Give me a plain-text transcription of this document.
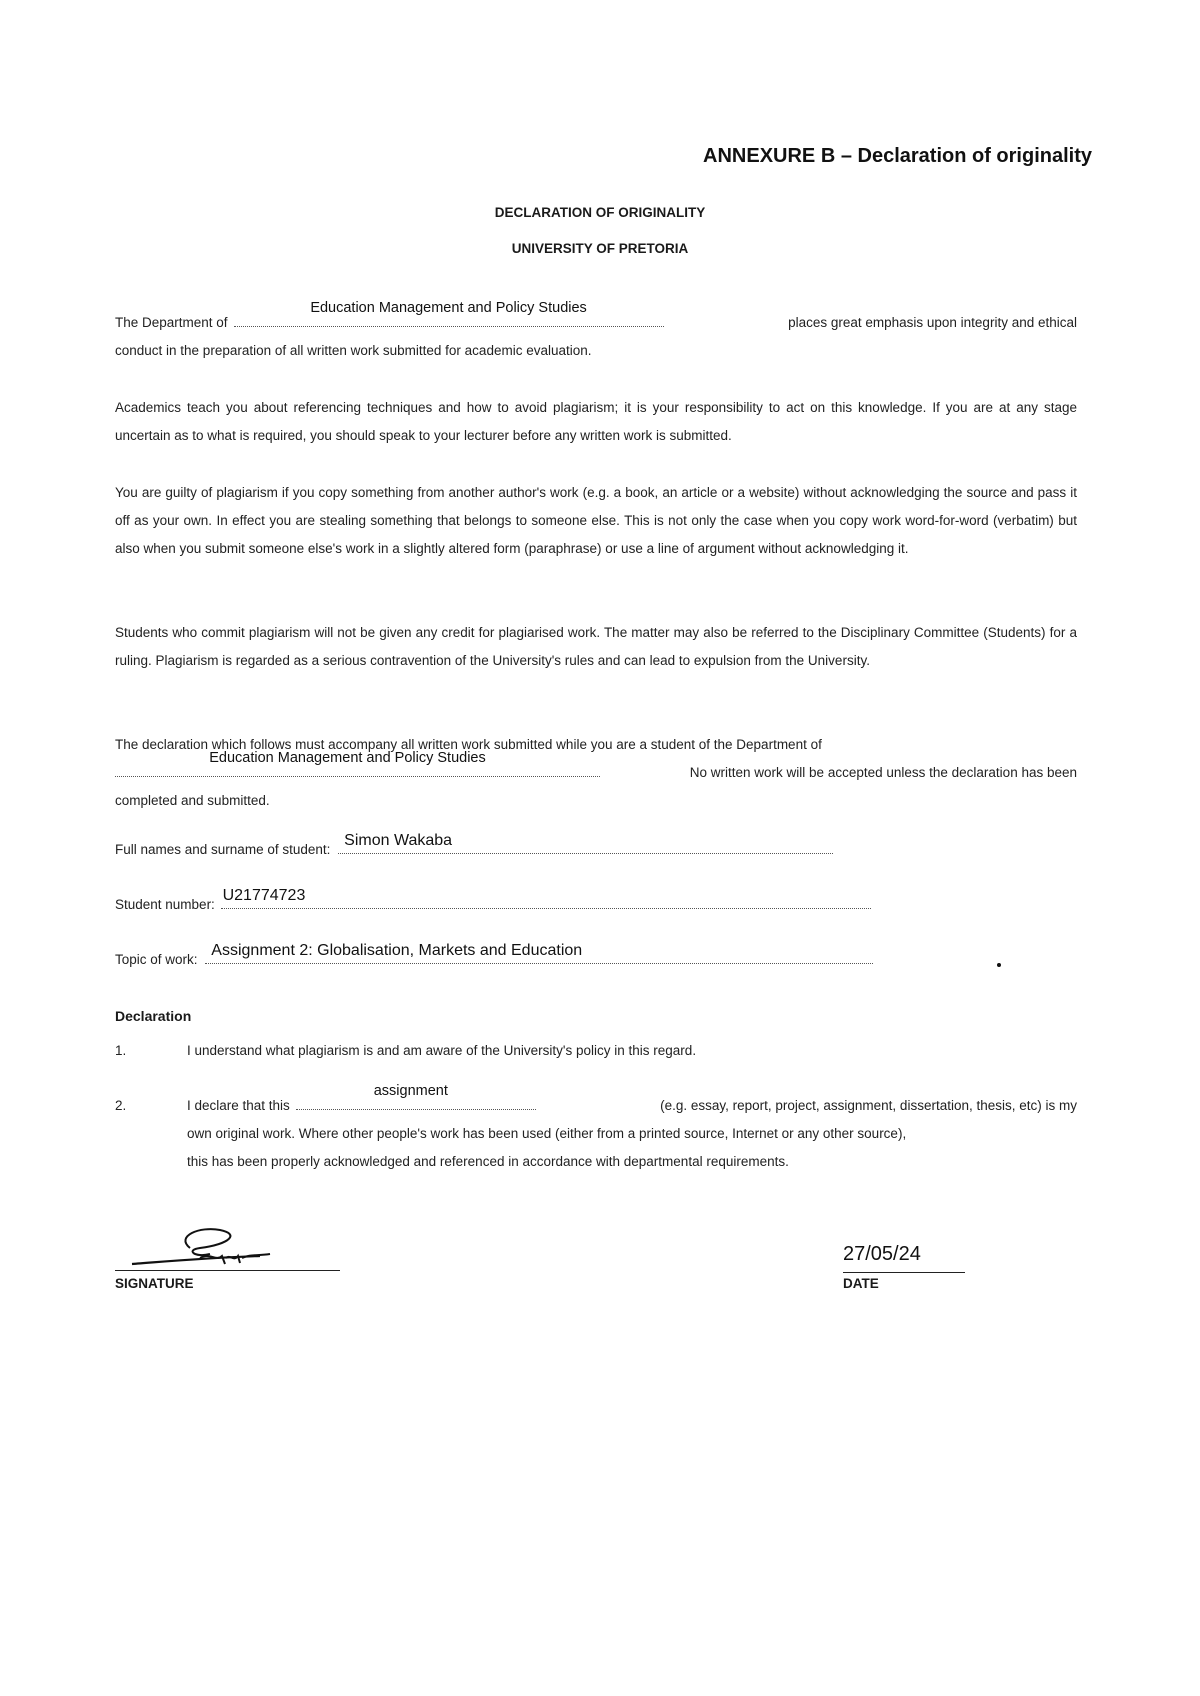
ANNEXURE B – Declaration of originality
DECLARATION OF ORIGINALITY
UNIVERSITY OF PRETORIA
The Department of
Education Management and Policy Studies
places great emphasis upon integrity and ethical
conduct in the preparation of all written work submitted for academic evaluation.
Academics teach you about referencing techniques and how to avoid plagiarism; it is your responsibility to act on this knowledge. If you are at any stage uncertain as to what is required, you should speak to your lecturer before any written work is submitted.
You are guilty of plagiarism if you copy something from another author's work (e.g. a book, an article or a website) without acknowledging the source and pass it off as your own. In effect you are stealing something that belongs to someone else. This is not only the case when you copy work word-for-word (verbatim) but also when you submit someone else's work in a slightly altered form (paraphrase) or use a line of argument without acknowledging it.
Students who commit plagiarism will not be given any credit for plagiarised work. The matter may also be referred to the Disciplinary Committee (Students) for a ruling. Plagiarism is regarded as a serious contravention of the University's rules and can lead to expulsion from the University.
The declaration which follows must accompany all written work submitted while you are a student of the Department of
Education Management and Policy Studies
No written work will be accepted unless the declaration has been
completed and submitted.
Full names and surname of student:
Simon Wakaba
Student number:
U21774723
Topic of work:
Assignment 2: Globalisation, Markets and Education
Declaration
1.	I understand what plagiarism is and am aware of the University's policy in this regard.
2.	I declare that this
assignment
(e.g. essay, report, project, assignment, dissertation, thesis, etc) is my
own original work. Where other people's work has been used (either from a printed source, Internet or any other source),
this has been properly acknowledged and referenced in accordance with departmental requirements.
SIGNATURE
27/05/24
DATE
